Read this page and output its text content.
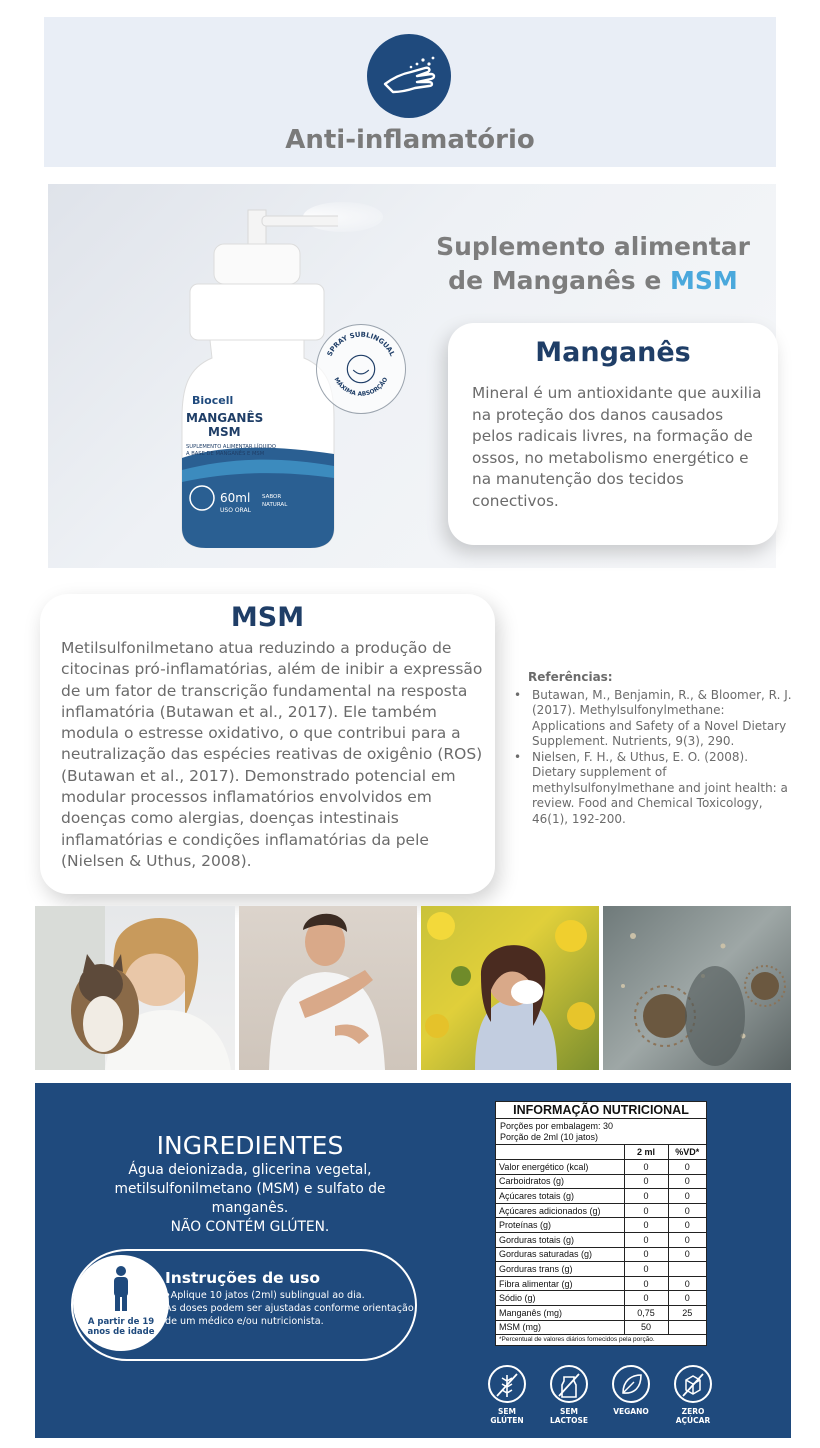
Anti-inflamatório
Biocell
MANGANÊS
MSM
SUPLEMENTO ALIMENTAR LÍQUIDO
A BASE DE MANGANÊS E MSM
60ml
USO ORAL
SABOR
NATURAL
SPRAY SUBLINGUAL
MÁXIMA ABSORÇÃO
Suplemento alimentar
de Manganês e MSM
Manganês
Mineral é um antioxidante que auxilia na proteção dos danos causados pelos radicais livres, na formação de ossos, no metabolismo energético e na manutenção dos tecidos conectivos.
MSM
Metilsulfonilmetano atua reduzindo a produção de citocinas pró-inflamatórias, além de inibir a expressão de um fator de transcrição fundamental na resposta inflamatória (Butawan et al., 2017). Ele também modula o estresse oxidativo, o que contribui para a neutralização das espécies reativas de oxigênio (ROS) (Butawan et al., 2017). Demonstrado potencial em modular processos inflamatórios envolvidos em doenças como alergias, doenças intestinais inflamatórias e condições inflamatórias da pele (Nielsen & Uthus, 2008).
Referências:
• Butawan, M., Benjamin, R., & Bloomer, R. J. (2017). Methylsulfonylmethane: Applications and Safety of a Novel Dietary Supplement. Nutrients, 9(3), 290.
• Nielsen, F. H., & Uthus, E. O. (2008). Dietary supplement of methylsulfonylmethane and joint health: a review. Food and Chemical Toxicology, 46(1), 192-200.
INGREDIENTES
Água deionizada, glicerina vegetal,
metilsulfonilmetano (MSM) e sulfato de manganês.
NÃO CONTÉM GLÚTEN.
A partir de 19
anos de idade
Instruções de uso
•Aplique 10 jatos (2ml) sublingual ao dia.
As doses podem ser ajustadas conforme orientação
de um médico e/ou nutricionista.
INFORMAÇÃO NUTRICIONAL
Porções por embalagem: 30
Porção de 2ml (10 jatos)
	2 ml	%VD*
Valor energético (kcal)	0	0
Carboidratos (g)	0	0
Açúcares totais (g)	0	0
Açúcares adicionados (g)	0	0
Proteínas (g)	0	0
Gorduras totais (g)	0	0
Gorduras saturadas (g)	0	0
Gorduras trans (g)	0	
Fibra alimentar (g)	0	0
Sódio (g)	0	0
Manganês (mg)	0,75	25
MSM (mg)	50	
*Percentual de valores diários fornecidos pela porção.
SEM
GLÚTEN
SEM
LACTOSE
VEGANO	ZERO
AÇÚCAR
